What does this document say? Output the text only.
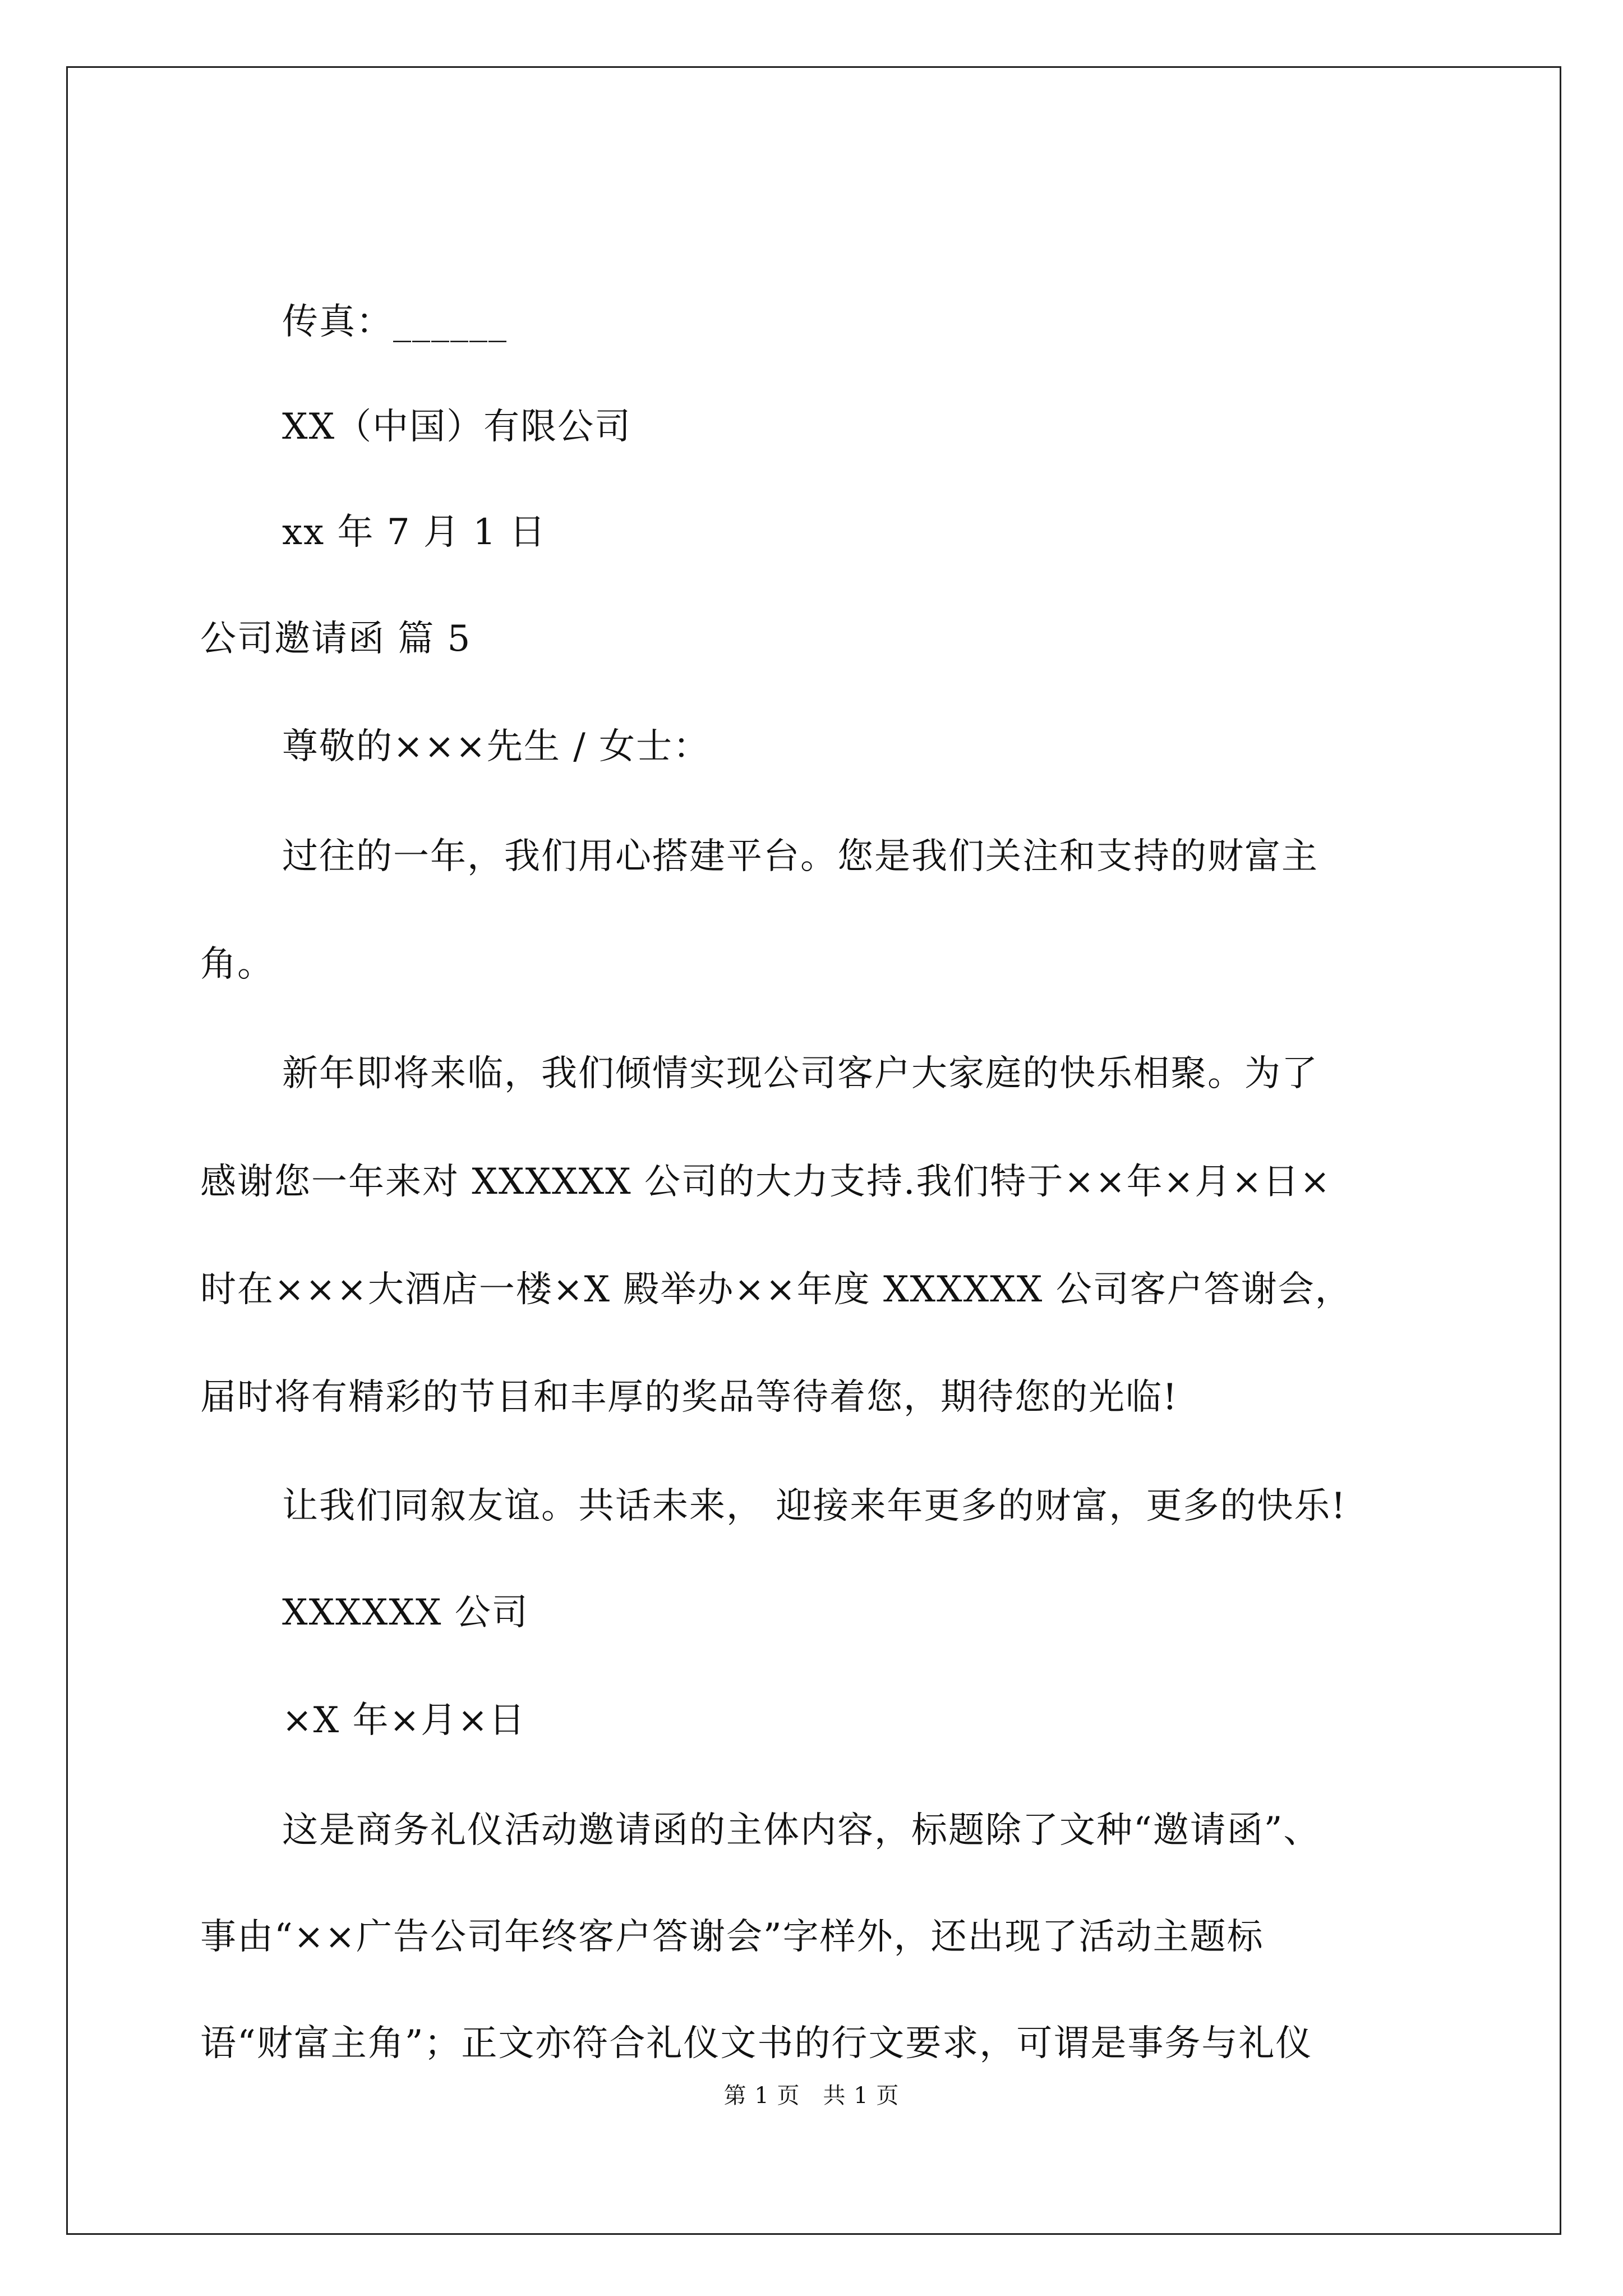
传真：______
XX（中国）有限公司
xx 年 7 月 1 日
公司邀请函 篇 5
尊敬的×××先生 / 女士：
过往的一年，我们用心搭建平台。您是我们关注和支持的财富主
角。
新年即将来临，我们倾情实现公司客户大家庭的快乐相聚。为了
感谢您一年来对 XXXXXX 公司的大力支持.我们特于××年×月×日×
时在×××大酒店一楼×X 殿举办××年度 XXXXXX 公司客户答谢会，
届时将有精彩的节目和丰厚的奖品等待着您，期待您的光临!
让我们同叙友谊。共话未来， 迎接来年更多的财富，更多的快乐!
XXXXXX 公司
×X 年×月×日
这是商务礼仪活动邀请函的主体内容，标题除了文种“邀请函”、
事由“××广告公司年终客户答谢会”字样外，还出现了活动主题标
语“财富主角”；正文亦符合礼仪文书的行文要求，可谓是事务与礼仪
第 1 页　共 1 页
